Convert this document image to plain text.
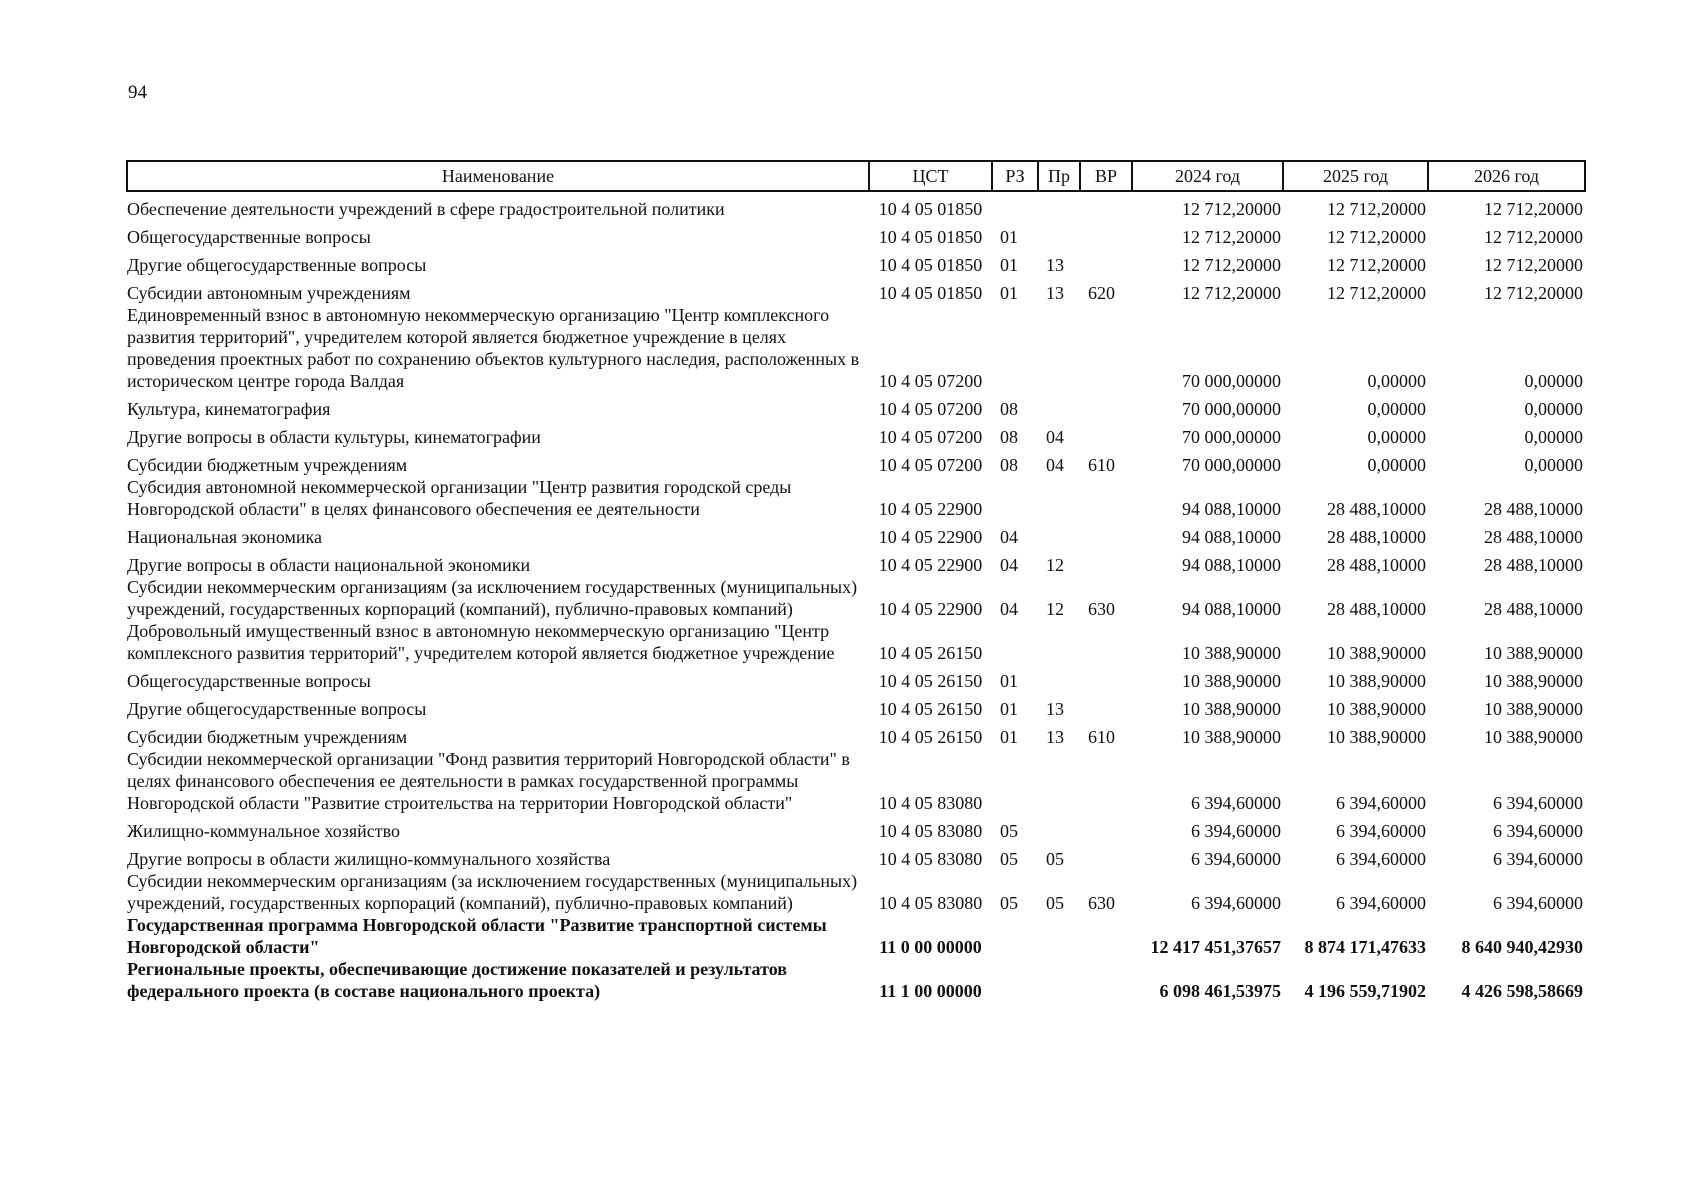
94
Наименование	ЦСТ	РЗ	Пр	ВР	2024 год	2025 год	2026 год
Обеспечение деятельности учреждений в сфере градостроительной политики	10 4 05 01850				12 712,20000	12 712,20000	12 712,20000
Общегосударственные вопросы	10 4 05 01850	01			12 712,20000	12 712,20000	12 712,20000
Другие общегосударственные вопросы	10 4 05 01850	01	13		12 712,20000	12 712,20000	12 712,20000
Субсидии автономным учреждениям	10 4 05 01850	01	13	620	12 712,20000	12 712,20000	12 712,20000
Единовременный взнос в автономную некоммерческую организацию "Центр комплексного развития территорий", учредителем которой является бюджетное учреждение в целях проведения проектных работ по сохранению объектов культурного наследия, расположенных в историческом центре города Валдая	10 4 05 07200				70 000,00000	0,00000	0,00000
Культура, кинематография	10 4 05 07200	08			70 000,00000	0,00000	0,00000
Другие вопросы в области культуры, кинематографии	10 4 05 07200	08	04		70 000,00000	0,00000	0,00000
Субсидии бюджетным учреждениям	10 4 05 07200	08	04	610	70 000,00000	0,00000	0,00000
Субсидия автономной некоммерческой организации "Центр развития городской среды Новгородской области" в целях финансового обеспечения ее деятельности	10 4 05 22900				94 088,10000	28 488,10000	28 488,10000
Национальная экономика	10 4 05 22900	04			94 088,10000	28 488,10000	28 488,10000
Другие вопросы в области национальной экономики	10 4 05 22900	04	12		94 088,10000	28 488,10000	28 488,10000
Субсидии некоммерческим организациям (за исключением государственных (муниципальных) учреждений, государственных корпораций (компаний), публично-правовых компаний)	10 4 05 22900	04	12	630	94 088,10000	28 488,10000	28 488,10000
Добровольный имущественный взнос в автономную некоммерческую организацию "Центр комплексного развития территорий", учредителем которой является бюджетное учреждение	10 4 05 26150				10 388,90000	10 388,90000	10 388,90000
Общегосударственные вопросы	10 4 05 26150	01			10 388,90000	10 388,90000	10 388,90000
Другие общегосударственные вопросы	10 4 05 26150	01	13		10 388,90000	10 388,90000	10 388,90000
Субсидии бюджетным учреждениям	10 4 05 26150	01	13	610	10 388,90000	10 388,90000	10 388,90000
Субсидии некоммерческой организации "Фонд развития территорий Новгородской области" в целях финансового обеспечения ее деятельности в рамках государственной программы Новгородской области "Развитие строительства на территории Новгородской области"	10 4 05 83080				6 394,60000	6 394,60000	6 394,60000
Жилищно-коммунальное хозяйство	10 4 05 83080	05			6 394,60000	6 394,60000	6 394,60000
Другие вопросы в области жилищно-коммунального хозяйства	10 4 05 83080	05	05		6 394,60000	6 394,60000	6 394,60000
Субсидии некоммерческим организациям (за исключением государственных (муниципальных) учреждений, государственных корпораций (компаний), публично-правовых компаний)	10 4 05 83080	05	05	630	6 394,60000	6 394,60000	6 394,60000
Государственная программа Новгородской области "Развитие транспортной системы Новгородской области"	11 0 00 00000				12 417 451,37657	8 874 171,47633	8 640 940,42930
Региональные проекты, обеспечивающие достижение показателей и результатов федерального проекта (в составе национального проекта)	11 1 00 00000				6 098 461,53975	4 196 559,71902	4 426 598,58669
